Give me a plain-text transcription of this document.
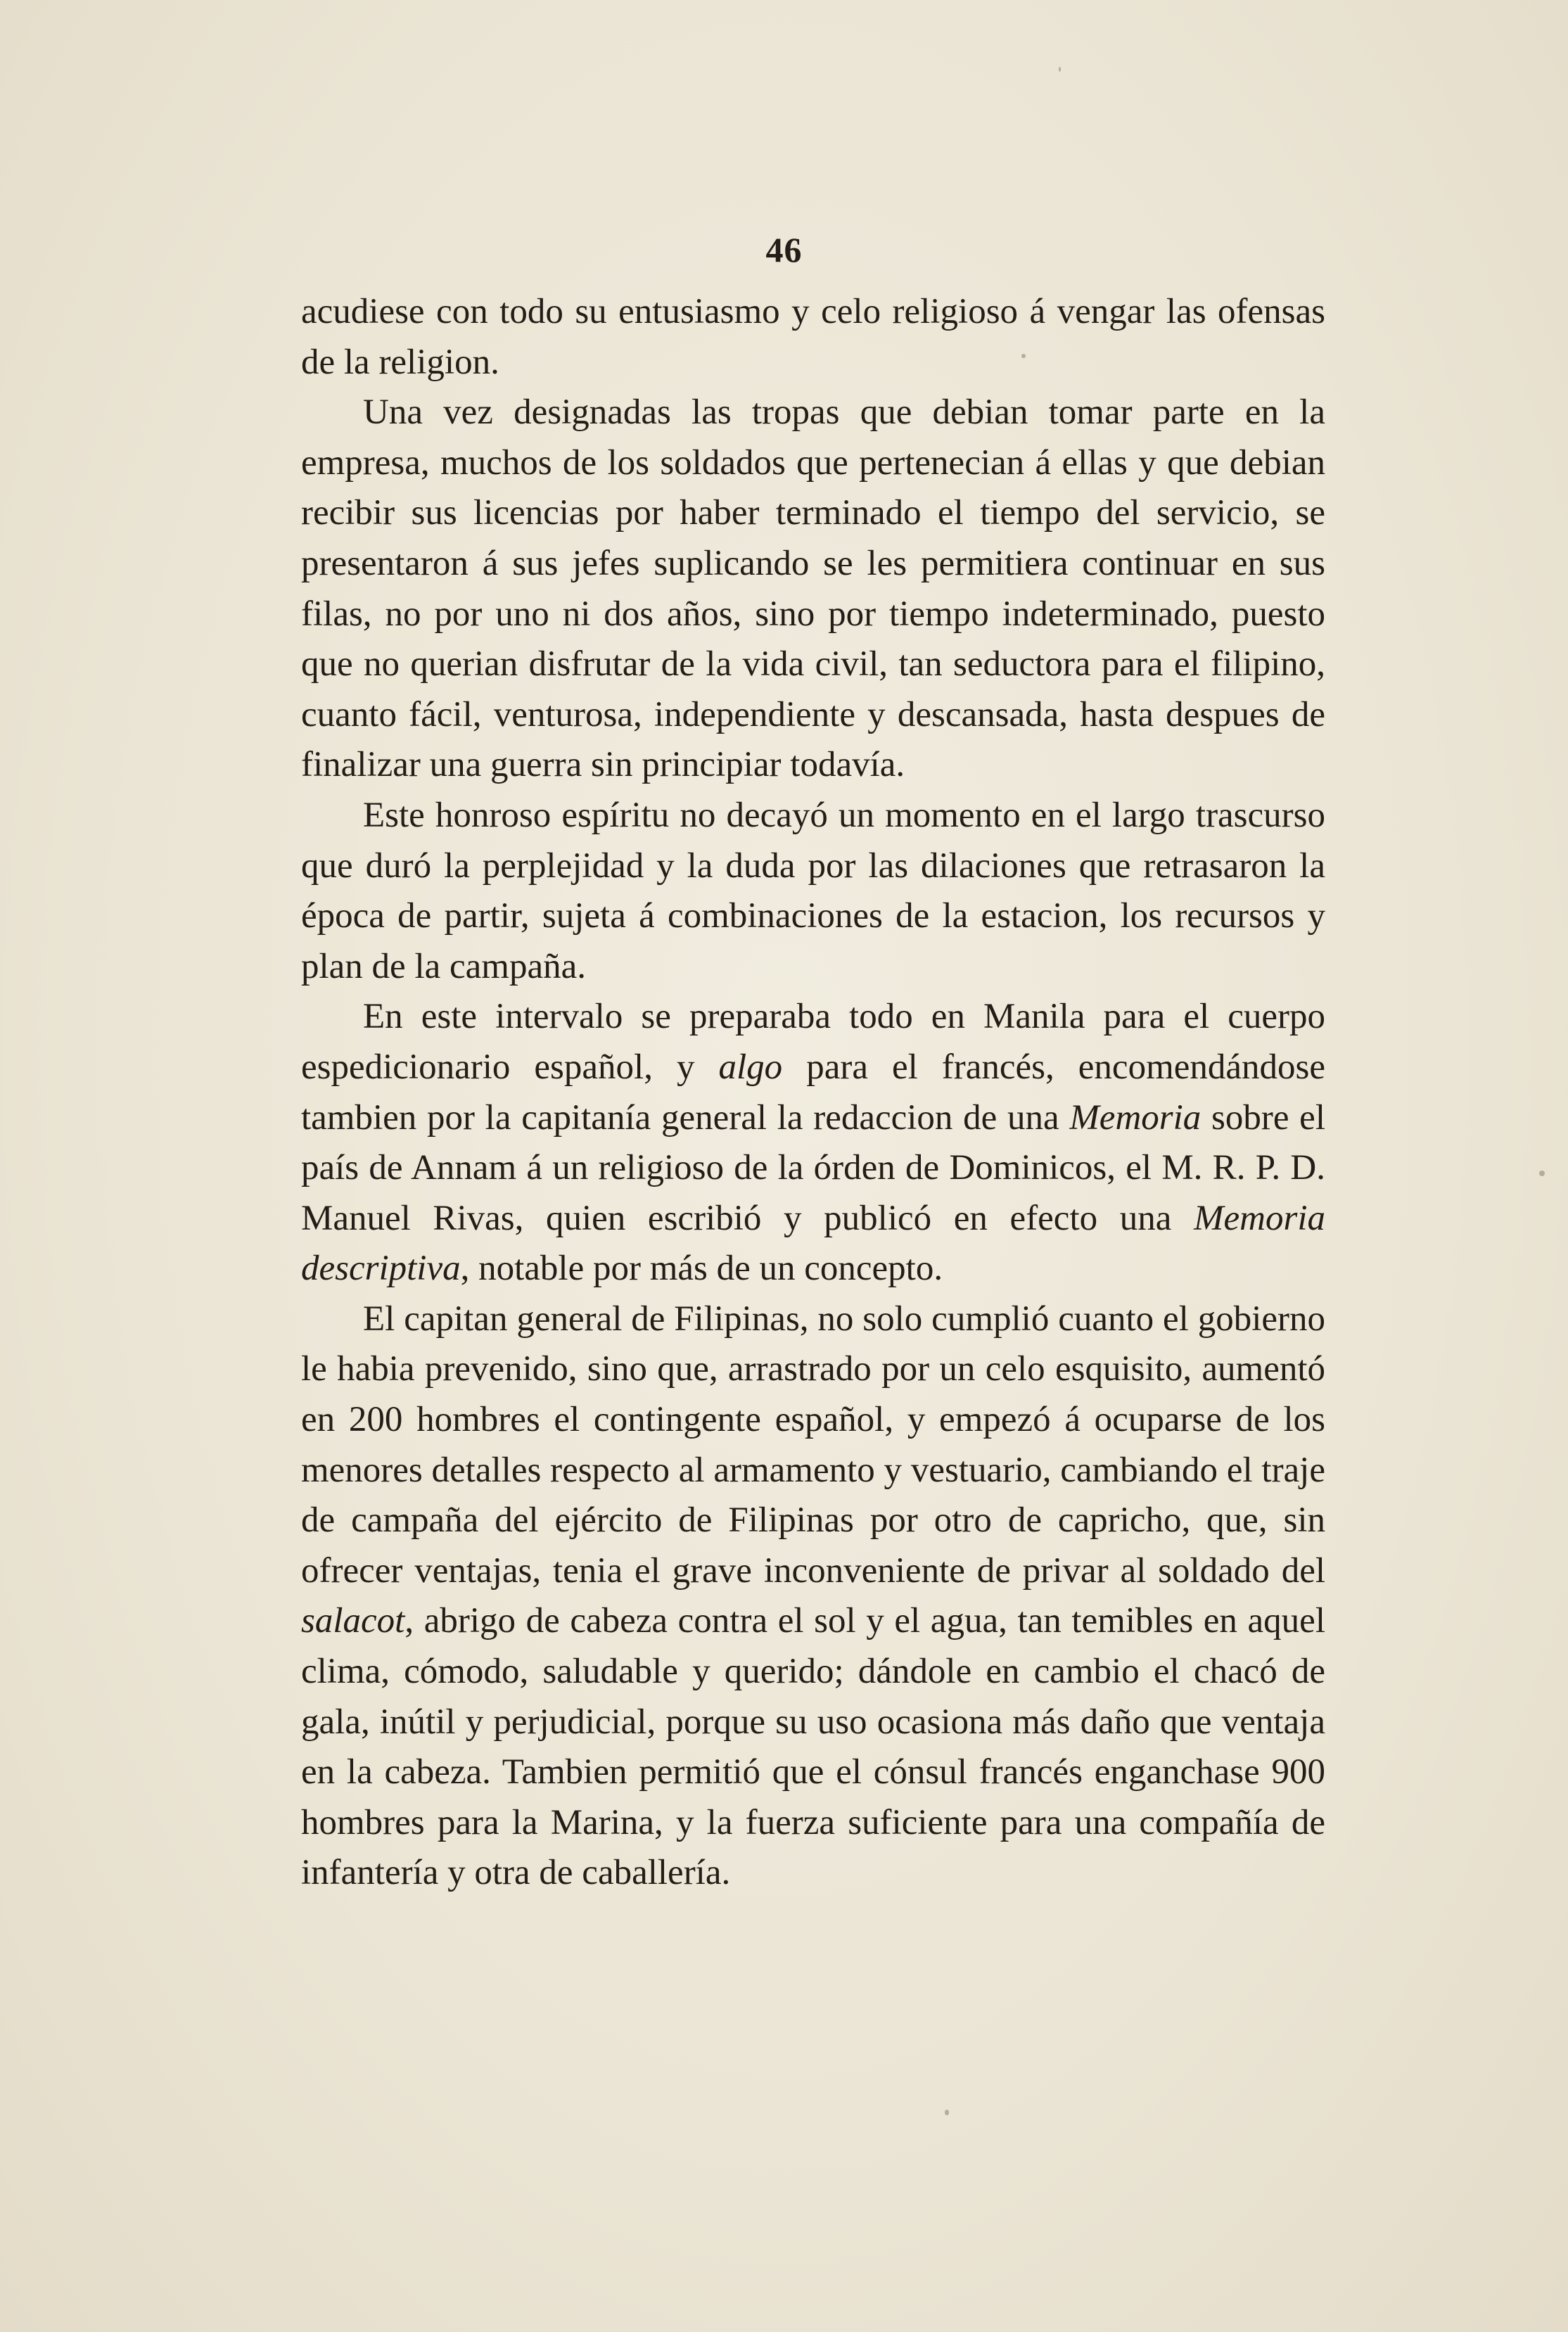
46

acudiese con todo su entusiasmo y celo religioso á vengar las ofensas de la religion.

Una vez designadas las tropas que debian tomar parte en la empresa, muchos de los soldados que pertenecian á ellas y que debian recibir sus licencias por haber terminado el tiempo del servicio, se presentaron á sus jefes suplicando se les permitiera continuar en sus filas, no por uno ni dos años, sino por tiempo indeterminado, puesto que no querian disfrutar de la vida civil, tan seductora para el filipino, cuanto fácil, venturosa, independiente y descansada, hasta despues de finalizar una guerra sin principiar todavía.

Este honroso espíritu no decayó un momento en el largo trascurso que duró la perplejidad y la duda por las dilaciones que retrasaron la época de partir, sujeta á combinaciones de la estacion, los recursos y plan de la campaña.

En este intervalo se preparaba todo en Manila para el cuerpo espedicionario español, y algo para el francés, encomendándose tambien por la capitanía general la redaccion de una Memoria sobre el país de Annam á un religioso de la órden de Dominicos, el M. R. P. D. Manuel Rivas, quien escribió y publicó en efecto una Memoria descriptiva, notable por más de un concepto.

El capitan general de Filipinas, no solo cumplió cuanto el gobierno le habia prevenido, sino que, arrastrado por un celo esquisito, aumentó en 200 hombres el contingente español, y empezó á ocuparse de los menores detalles respecto al armamento y vestuario, cambiando el traje de campaña del ejército de Filipinas por otro de capricho, que, sin ofrecer ventajas, tenia el grave inconveniente de privar al soldado del salacot, abrigo de cabeza contra el sol y el agua, tan temibles en aquel clima, cómodo, saludable y querido; dándole en cambio el chacó de gala, inútil y perjudicial, porque su uso ocasiona más daño que ventaja en la cabeza. Tambien permitió que el cónsul francés enganchase 900 hombres para la Marina, y la fuerza suficiente para una compañía de infantería y otra de caballería.
